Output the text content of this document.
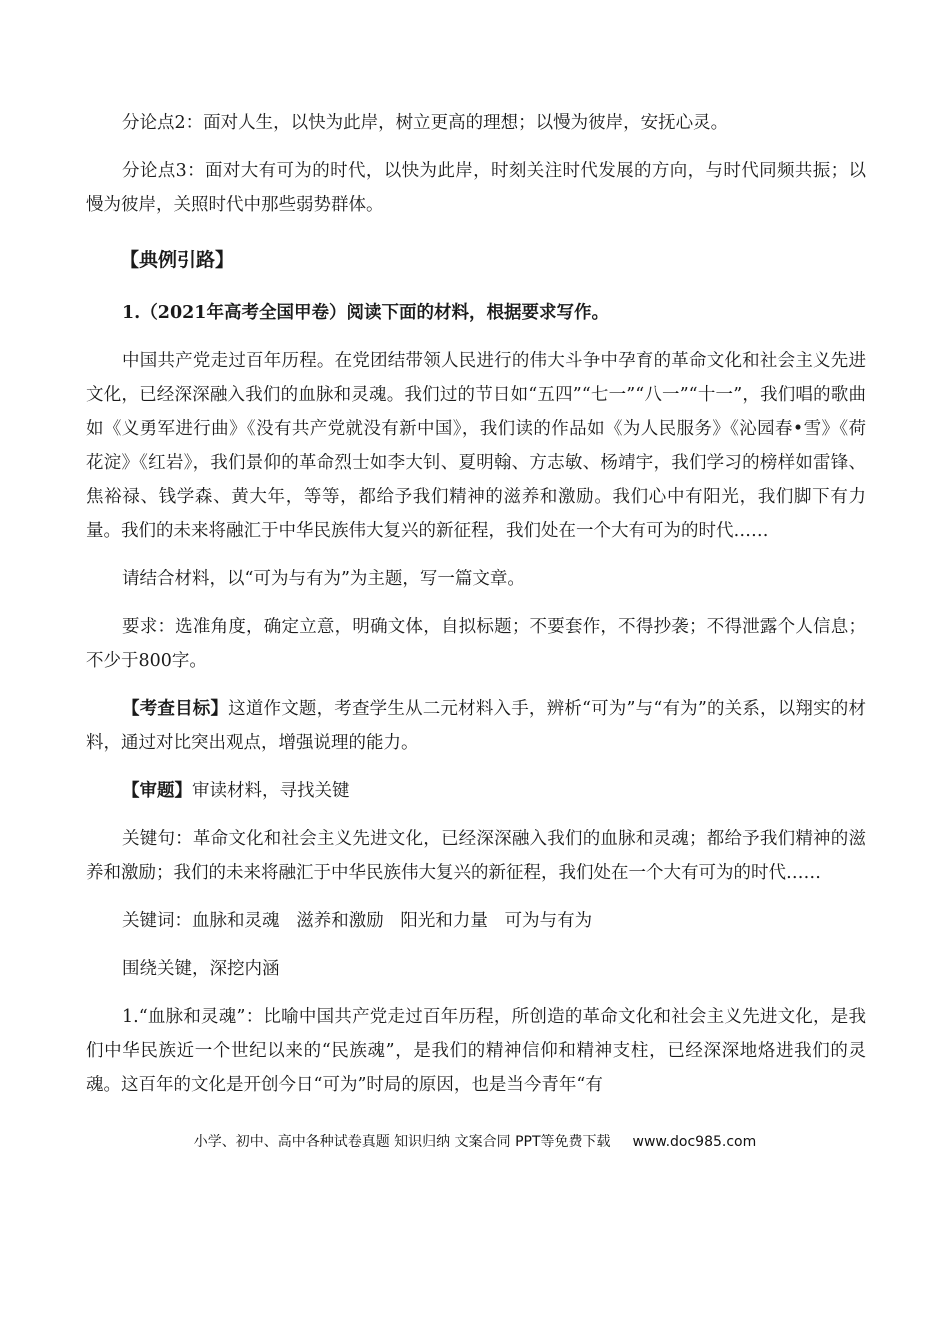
分论点2：面对人生，以快为此岸，树立更高的理想；以慢为彼岸，安抚心灵。

分论点3：面对大有可为的时代，以快为此岸，时刻关注时代发展的方向，与时代同频共振；以慢为彼岸，关照时代中那些弱势群体。

【典例引路】

1.（2021年高考全国甲卷）阅读下面的材料，根据要求写作。

中国共产党走过百年历程。在党团结带领人民进行的伟大斗争中孕育的革命文化和社会主义先进文化，已经深深融入我们的血脉和灵魂。我们过的节日如“五四”“七一”“八一”“十一”，我们唱的歌曲如《义勇军进行曲》《没有共产党就没有新中国》，我们读的作品如《为人民服务》《沁园春•雪》《荷花淀》《红岩》，我们景仰的革命烈士如李大钊、夏明翰、方志敏、杨靖宇，我们学习的榜样如雷锋、焦裕禄、钱学森、黄大年，等等，都给予我们精神的滋养和激励。我们心中有阳光，我们脚下有力量。我们的未来将融汇于中华民族伟大复兴的新征程，我们处在一个大有可为的时代……

请结合材料，以“可为与有为”为主题，写一篇文章。

要求：选准角度，确定立意，明确文体，自拟标题；不要套作，不得抄袭；不得泄露个人信息；不少于800字。

【考查目标】这道作文题，考查学生从二元材料入手，辨析“可为”与“有为”的关系，以翔实的材料，通过对比突出观点，增强说理的能力。

【审题】审读材料，寻找关键

关键句：革命文化和社会主义先进文化，已经深深融入我们的血脉和灵魂；都给予我们精神的滋养和激励；我们的未来将融汇于中华民族伟大复兴的新征程，我们处在一个大有可为的时代……

关键词：血脉和灵魂 滋养和激励 阳光和力量 可为与有为

围绕关键，深挖内涵

1.“血脉和灵魂”：比喻中国共产党走过百年历程，所创造的革命文化和社会主义先进文化，是我们中华民族近一个世纪以来的“民族魂”，是我们的精神信仰和精神支柱，已经深深地烙进我们的灵魂。这百年的文化是开创今日“可为”时局的原因，也是当今青年“有

小学、初中、高中各种试卷真题 知识归纳 文案合同 PPT等免费下载 www.doc985.com
